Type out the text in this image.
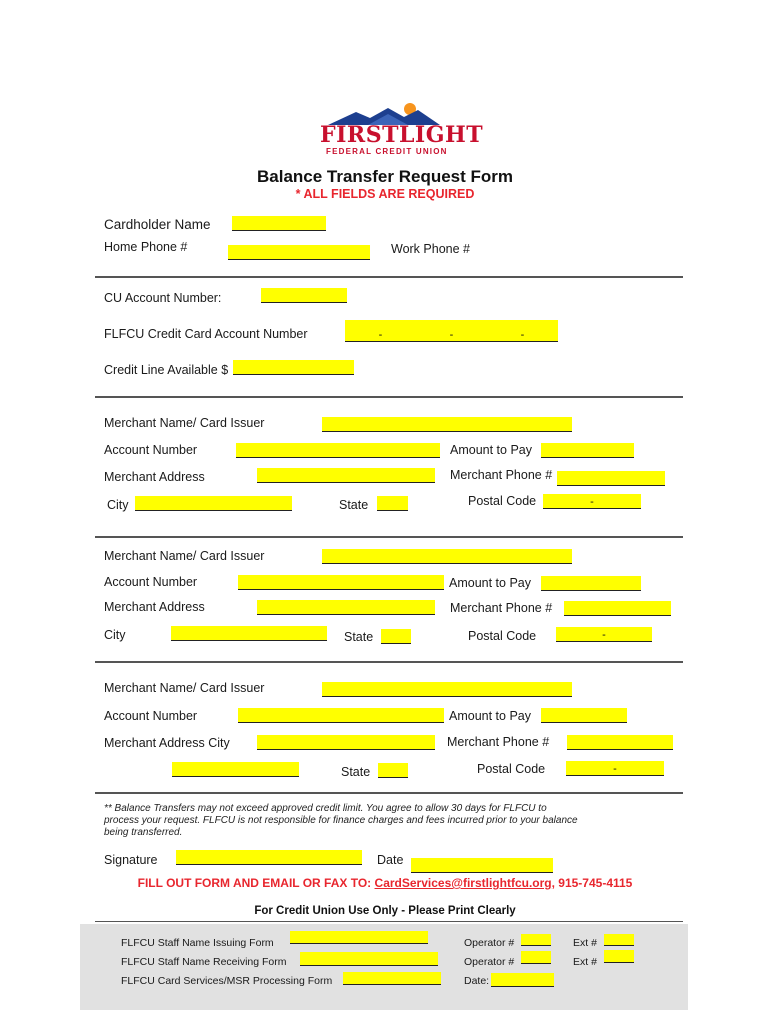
FIRSTLIGHT
FEDERAL CREDIT UNION
Balance Transfer Request Form
* ALL FIELDS ARE REQUIRED
Cardholder Name
Home Phone #	Work Phone #
CU Account Number:
FLFCU Credit Card Account Number	-	-	-
Credit Line Available $
Merchant Name/ Card Issuer
Account Number	Amount to Pay
Merchant Address	Merchant Phone #
City	State	Postal Code	-
Merchant Name/ Card Issuer
Account Number	Amount to Pay
Merchant Address	Merchant Phone #
City	State	Postal Code	-
Merchant Name/ Card Issuer
Account Number	Amount to Pay
Merchant Address City	Merchant Phone #
State	Postal Code	-
** Balance Transfers may not exceed approved credit limit. You agree to allow 30 days for FLFCU to
process your request. FLFCU is not responsible for finance charges and fees incurred prior to your balance
being transferred.
Signature	Date
FILL OUT FORM AND EMAIL OR FAX TO: CardServices@firstlightfcu.org, 915-745-4115
For Credit Union Use Only - Please Print Clearly
FLFCU Staff Name Issuing Form	Operator #	Ext #
FLFCU Staff Name Receiving Form	Operator #	Ext #
FLFCU Card Services/MSR Processing Form	Date:
